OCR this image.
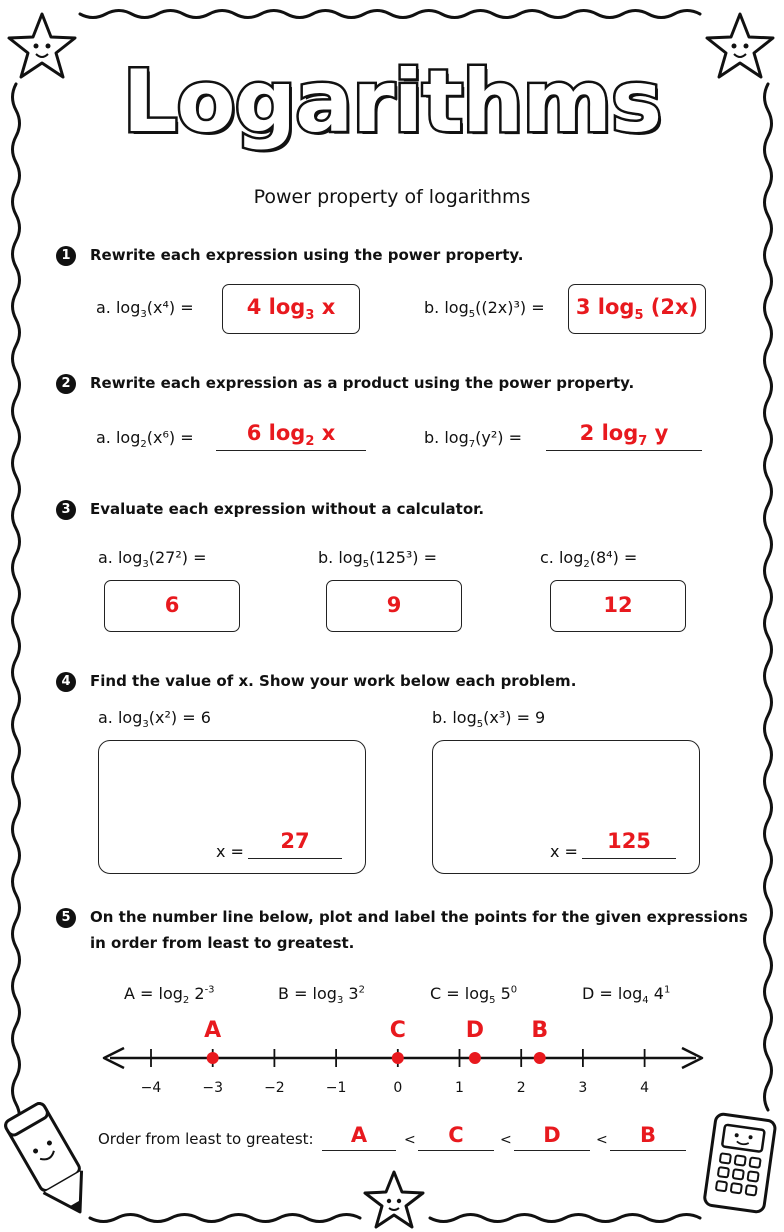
Logarithms
Power property of logarithms
1	Rewrite each expression using the power property.
a. $\log_3(x^4)$ =	4 $\log_3 x$	b. $\log_5((2x)^3)$ =	3 $\log_5 (2x)$
2	Rewrite each expression as a product using the power property.
a. $\log_2(x^6)$ =	6 $\log_2 x$	b. $\log_7(y^2)$ =	2 $\log_7 y$
3	Evaluate each expression without a calculator.
a. $\log_3(27^2)$ =
6
b. $\log_5(125^3)$ =
9
c. $\log_2(8^4)$ =
12
4	Find the value of x. Show your work below each problem.
a. $\log_3(x^2) = 6$
x =	27
b. $\log_5(x^3) = 9$
x =	125
5	On the number line below, plot and label the points for the given expressions
in order from least to greatest.
$A = \log_2 2^{-3}$	$B = \log_3 3^2$	$C = \log_5 5^0$	$D = \log_4 4^1$
−4	−3	−2	−1	0	1	2	3	4
A	C	D	B
Order from least to greatest:	A	<	C	<	D	<	B
